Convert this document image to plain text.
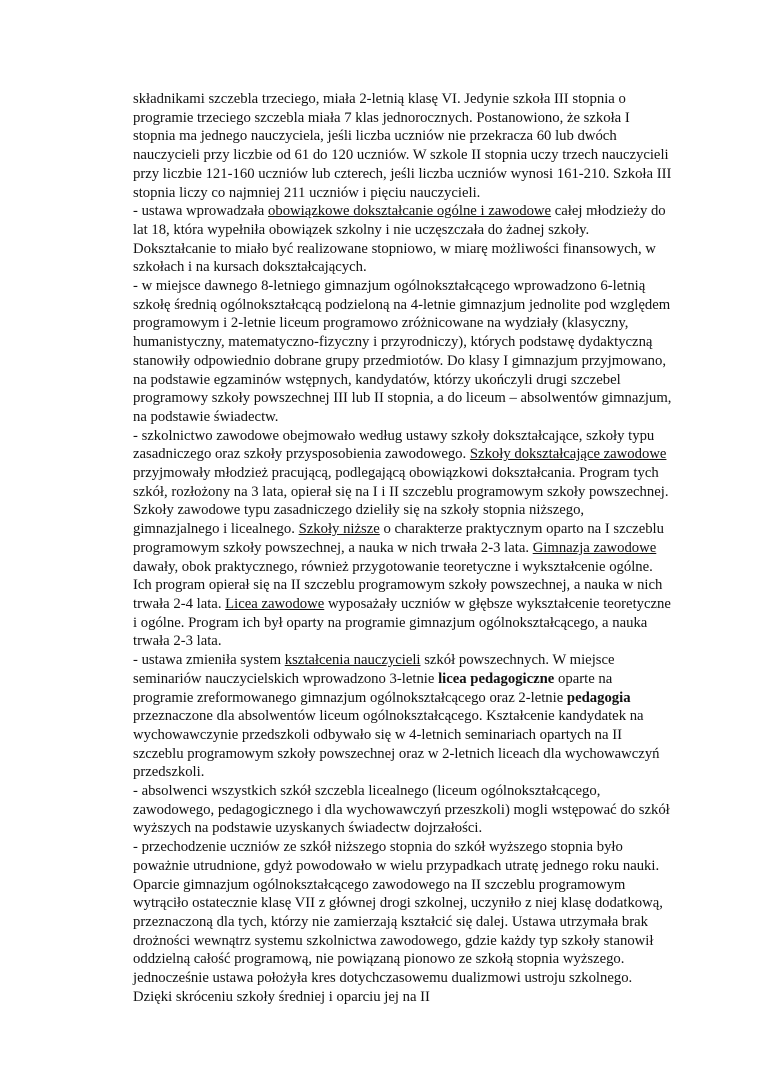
składnikami szczebla trzeciego, miała 2-letnią klasę VI. Jedynie szkoła III stopnia o programie trzeciego szczebla miała 7 klas jednorocznych. Postanowiono, że szkoła I stopnia ma jednego nauczyciela, jeśli liczba uczniów nie przekracza 60 lub dwóch nauczycieli przy liczbie od 61 do 120 uczniów. W szkole II stopnia uczy trzech nauczycieli przy liczbie 121-160 uczniów lub czterech, jeśli liczba uczniów wynosi 161-210. Szkoła III stopnia liczy co najmniej 211 uczniów i pięciu nauczycieli.

- ustawa wprowadzała obowiązkowe dokształcanie ogólne i zawodowe całej młodzieży do lat 18, która wypełniła obowiązek szkolny i nie uczęszczała do żadnej szkoły. Dokształcanie to miało być realizowane stopniowo, w miarę możliwości finansowych, w szkołach i na kursach dokształcających.

- w miejsce dawnego 8-letniego gimnazjum ogólnokształcącego wprowadzono 6-letnią szkołę średnią ogólnokształcącą podzieloną na 4-letnie gimnazjum jednolite pod względem programowym i 2-letnie liceum programowo zróżnicowane na wydziały (klasyczny, humanistyczny, matematyczno-fizyczny i przyrodniczy), których podstawę dydaktyczną stanowiły odpowiednio dobrane grupy przedmiotów. Do klasy I gimnazjum przyjmowano, na podstawie egzaminów wstępnych, kandydatów, którzy ukończyli drugi szczebel programowy szkoły powszechnej III lub II stopnia, a do liceum – absolwentów gimnazjum, na podstawie świadectw.

- szkolnictwo zawodowe obejmowało według ustawy szkoły dokształcające, szkoły typu zasadniczego oraz szkoły przysposobienia zawodowego. Szkoły dokształcające zawodowe przyjmowały młodzież pracującą, podlegającą obowiązkowi dokształcania. Program tych szkół, rozłożony na 3 lata, opierał się na I i II szczeblu programowym szkoły powszechnej. Szkoły zawodowe typu zasadniczego dzieliły się na szkoły stopnia niższego, gimnazjalnego i licealnego. Szkoły niższe o charakterze praktycznym oparto na I szczeblu programowym szkoły powszechnej, a nauka w nich trwała 2-3 lata. Gimnazja zawodowe dawały, obok praktycznego, również przygotowanie teoretyczne i wykształcenie ogólne. Ich program opierał się na II szczeblu programowym szkoły powszechnej, a nauka w nich trwała 2-4 lata. Licea zawodowe wyposażały uczniów w głębsze wykształcenie teoretyczne i ogólne. Program ich był oparty na programie gimnazjum ogólnokształcącego, a nauka trwała 2-3 lata.

- ustawa zmieniła system kształcenia nauczycieli szkół powszechnych. W miejsce seminariów nauczycielskich wprowadzono 3-letnie licea pedagogiczne oparte na programie zreformowanego gimnazjum ogólnokształcącego oraz 2-letnie pedagogia przeznaczone dla absolwentów liceum ogólnokształcącego. Kształcenie kandydatek na wychowawczynie przedszkoli odbywało się w 4-letnich seminariach opartych na II szczeblu programowym szkoły powszechnej oraz w 2-letnich liceach dla wychowawczyń przedszkoli.

- absolwenci wszystkich szkół szczebla licealnego (liceum ogólnokształcącego, zawodowego, pedagogicznego i dla wychowawczyń przeszkoli) mogli wstępować do szkół wyższych na podstawie uzyskanych świadectw dojrzałości.

- przechodzenie uczniów ze szkół niższego stopnia do szkół wyższego stopnia było poważnie utrudnione, gdyż powodowało w wielu przypadkach utratę jednego roku nauki. Oparcie gimnazjum ogólnokształcącego zawodowego na II szczeblu programowym wytrąciło ostatecznie klasę VII z głównej drogi szkolnej, uczyniło z niej klasę dodatkową, przeznaczoną dla tych, którzy nie zamierzają kształcić się dalej. Ustawa utrzymała brak drożności wewnątrz systemu szkolnictwa zawodowego, gdzie każdy typ szkoły stanowił oddzielną całość programową, nie powiązaną pionowo ze szkołą stopnia wyższego. jednocześnie ustawa położyła kres dotychczasowemu dualizmowi ustroju szkolnego. Dzięki skróceniu szkoły średniej i oparciu jej na II
